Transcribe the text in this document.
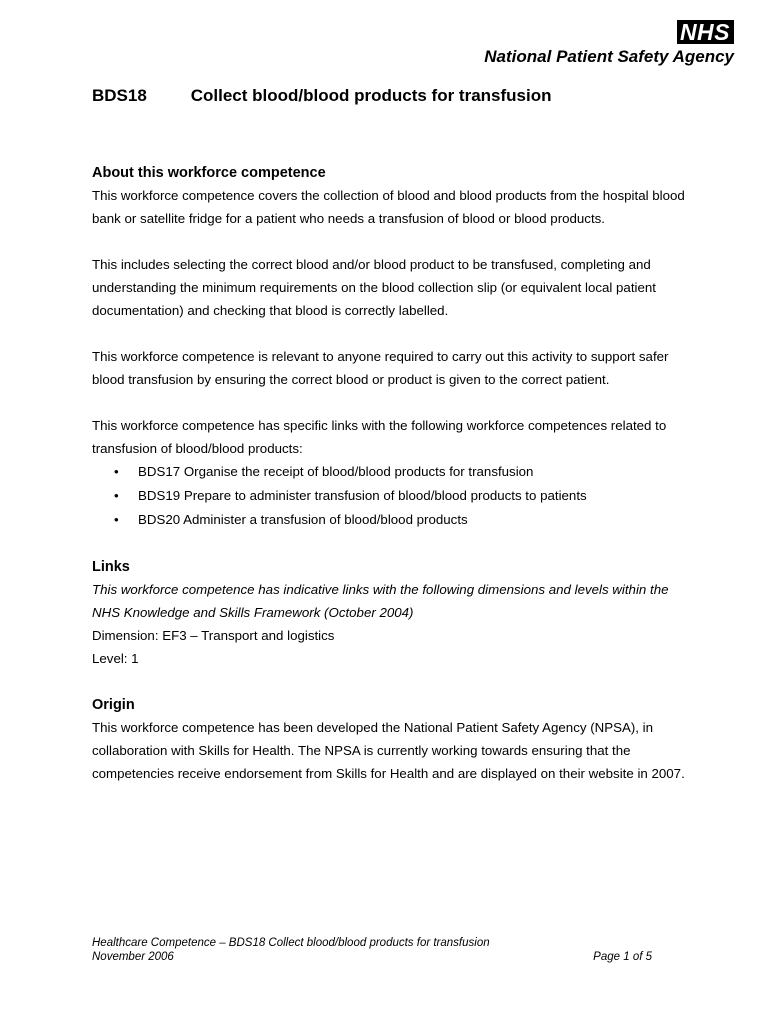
NHS
National Patient Safety Agency
BDS18	Collect blood/blood products for transfusion
About this workforce competence

This workforce competence covers the collection of blood and blood products from the hospital blood bank or satellite fridge for a patient who needs a transfusion of blood or blood products.

This includes selecting the correct blood and/or blood product to be transfused, completing and understanding the minimum requirements on the blood collection slip (or equivalent local patient documentation) and checking that blood is correctly labelled.

This workforce competence is relevant to anyone required to carry out this activity to support safer blood transfusion by ensuring the correct blood or product is given to the correct patient.

This workforce competence has specific links with the following workforce competences related to transfusion of blood/blood products:

• BDS17 Organise the receipt of blood/blood products for transfusion
• BDS19 Prepare to administer transfusion of blood/blood products to patients
• BDS20 Administer a transfusion of blood/blood products
Links

This workforce competence has indicative links with the following dimensions and levels within the NHS Knowledge and Skills Framework (October 2004)

Dimension: EF3 – Transport and logistics

Level: 1

Origin

This workforce competence has been developed the National Patient Safety Agency (NPSA), in collaboration with Skills for Health. The NPSA is currently working towards ensuring that the competencies receive endorsement from Skills for Health and are displayed on their website in 2007.

Healthcare Competence – BDS18 Collect blood/blood products for transfusion
November 2006	Page 1 of 5
